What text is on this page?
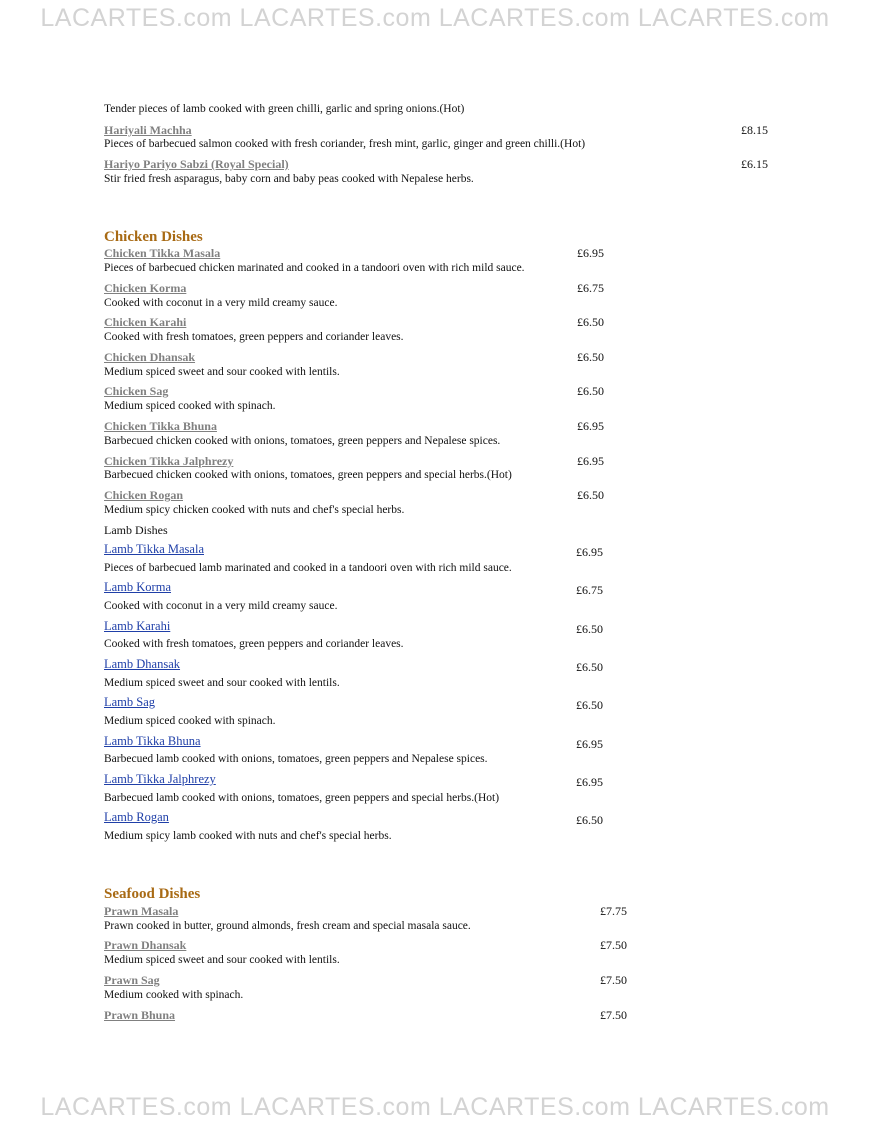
LACARTES.com LACARTES.com LACARTES.com LACARTES.com
Tender pieces of lamb cooked with green chilli, garlic and spring onions.(Hot)
Hariyali Machha	£8.15
Pieces of barbecued salmon cooked with fresh coriander, fresh mint, garlic, ginger and green chilli.(Hot)
Hariyo Pariyo Sabzi (Royal Special)	£6.15
Stir fried fresh asparagus, baby corn and baby peas cooked with Nepalese herbs.
Chicken Dishes
Chicken Tikka Masala	£6.95
Pieces of barbecued chicken marinated and cooked in a tandoori oven with rich mild sauce.
Chicken Korma	£6.75
Cooked with coconut in a very mild creamy sauce.
Chicken Karahi	£6.50
Cooked with fresh tomatoes, green peppers and coriander leaves.
Chicken Dhansak	£6.50
Medium spiced sweet and sour cooked with lentils.
Chicken Sag	£6.50
Medium spiced cooked with spinach.
Chicken Tikka Bhuna	£6.95
Barbecued chicken cooked with onions, tomatoes, green peppers and Nepalese spices.
Chicken Tikka Jalphrezy	£6.95
Barbecued chicken cooked with onions, tomatoes, green peppers and special herbs.(Hot)
Chicken Rogan	£6.50
Medium spicy chicken cooked with nuts and chef's special herbs.
Lamb Dishes
Lamb Tikka Masala	£6.95
Pieces of barbecued lamb marinated and cooked in a tandoori oven with rich mild sauce.
Lamb Korma	£6.75
Cooked with coconut in a very mild creamy sauce.
Lamb Karahi	£6.50
Cooked with fresh tomatoes, green peppers and coriander leaves.
Lamb Dhansak	£6.50
Medium spiced sweet and sour cooked with lentils.
Lamb Sag	£6.50
Medium spiced cooked with spinach.
Lamb Tikka Bhuna	£6.95
Barbecued lamb cooked with onions, tomatoes, green peppers and Nepalese spices.
Lamb Tikka Jalphrezy	£6.95
Barbecued lamb cooked with onions, tomatoes, green peppers and special herbs.(Hot)
Lamb Rogan	£6.50
Medium spicy lamb cooked with nuts and chef's special herbs.
Seafood Dishes
Prawn Masala	£7.75
Prawn cooked in butter, ground almonds, fresh cream and special masala sauce.
Prawn Dhansak	£7.50
Medium spiced sweet and sour cooked with lentils.
Prawn Sag	£7.50
Medium cooked with spinach.
Prawn Bhuna	£7.50
LACARTES.com LACARTES.com LACARTES.com LACARTES.com
